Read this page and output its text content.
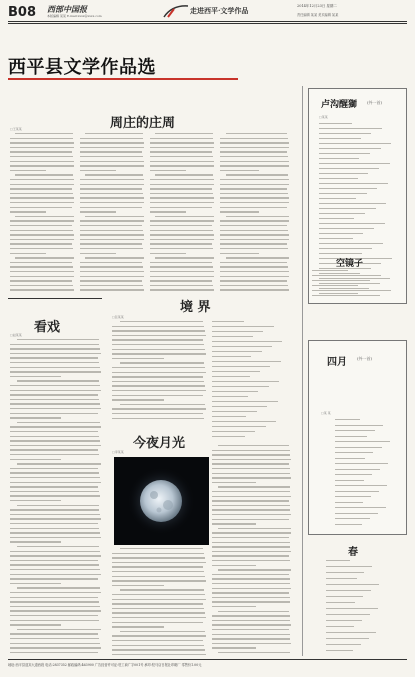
B08 西部中国报
本版编辑 某某 E-mail:xxxx@xxxx.com
走进西平·文学作品	2014年12月23日 星期二
责任编辑 某某 美术编辑 某某
西平县文学作品选
周庄的庄周
□王某某
看戏
□赵某某
境 界
□张某某
今夜月光
□李某某
卢沟醒獅 (外一首)
□某某
空镜子
四月	(外一首)
□某 某
春
地址:西平县迎宾大道西段 电话:2837352 邮政编码:463900 广告经营许可证:驻工商广字001号 承印:驻马店日报社印刷厂 零售价1.00元
